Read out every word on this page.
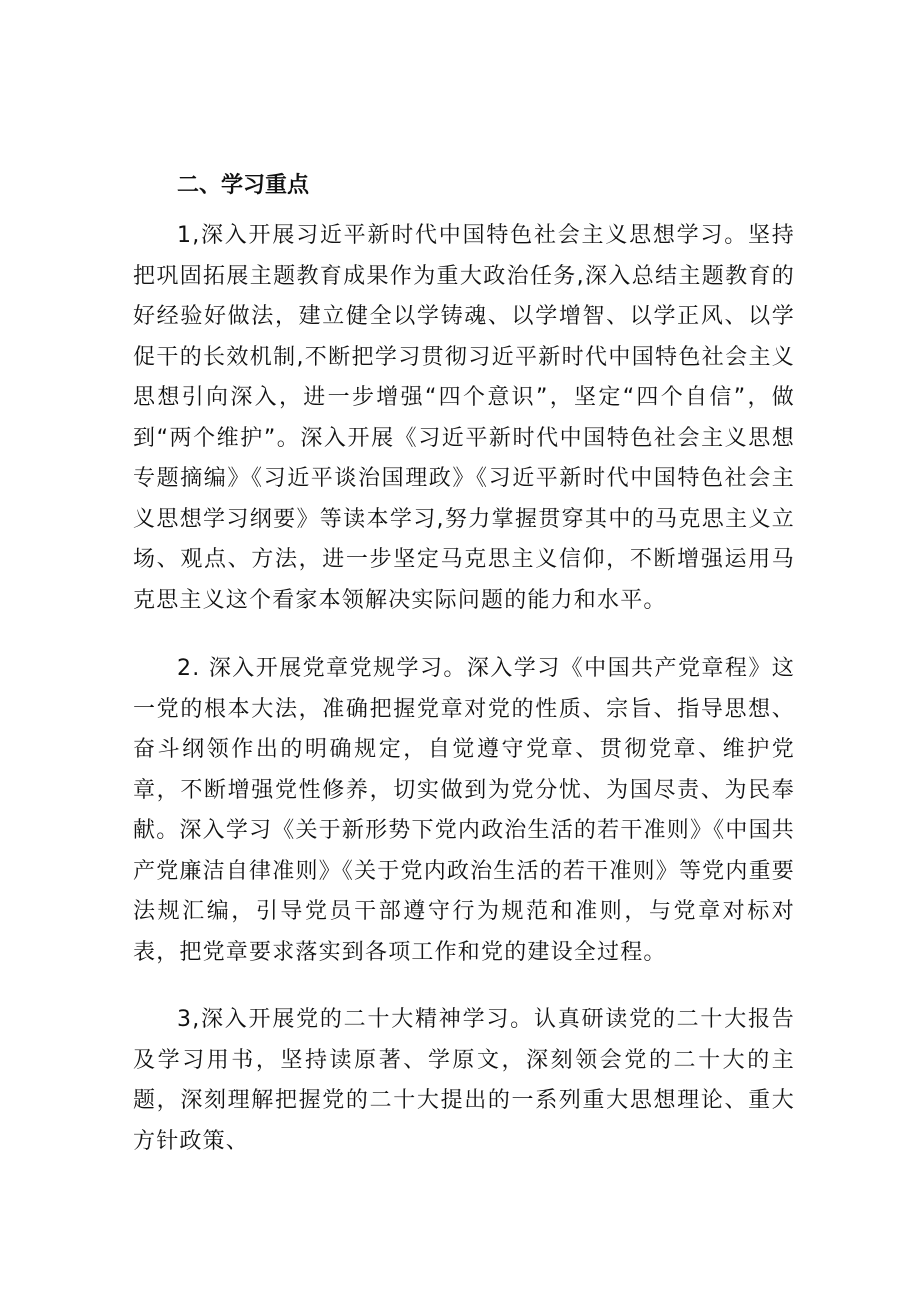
二、学习重点

1,深入开展习近平新时代中国特色社会主义思想学习。坚持把巩固拓展主题教育成果作为重大政治任务,深入总结主题教育的好经验好做法，建立健全以学铸魂、以学增智、以学正风、以学促干的长效机制,不断把学习贯彻习近平新时代中国特色社会主义思想引向深入，进一步增强“四个意识”，坚定“四个自信”，做到“两个维护”。深入开展《习近平新时代中国特色社会主义思想专题摘编》《习近平谈治国理政》《习近平新时代中国特色社会主义思想学习纲要》等读本学习,努力掌握贯穿其中的马克思主义立场、观点、方法，进一步坚定马克思主义信仰，不断增强运用马克思主义这个看家本领解决实际问题的能力和水平。

2. 深入开展党章党规学习。深入学习《中国共产党章程》这一党的根本大法，准确把握党章对党的性质、宗旨、指导思想、奋斗纲领作出的明确规定，自觉遵守党章、贯彻党章、维护党章，不断增强党性修养，切实做到为党分忧、为国尽责、为民奉献。深入学习《关于新形势下党内政治生活的若干准则》《中国共产党廉洁自律准则》《关于党内政治生活的若干准则》等党内重要法规汇编，引导党员干部遵守行为规范和准则，与党章对标对表，把党章要求落实到各项工作和党的建设全过程。

3,深入开展党的二十大精神学习。认真研读党的二十大报告及学习用书，坚持读原著、学原文，深刻领会党的二十大的主题，深刻理解把握党的二十大提出的一系列重大思想理论、重大方针政策、
